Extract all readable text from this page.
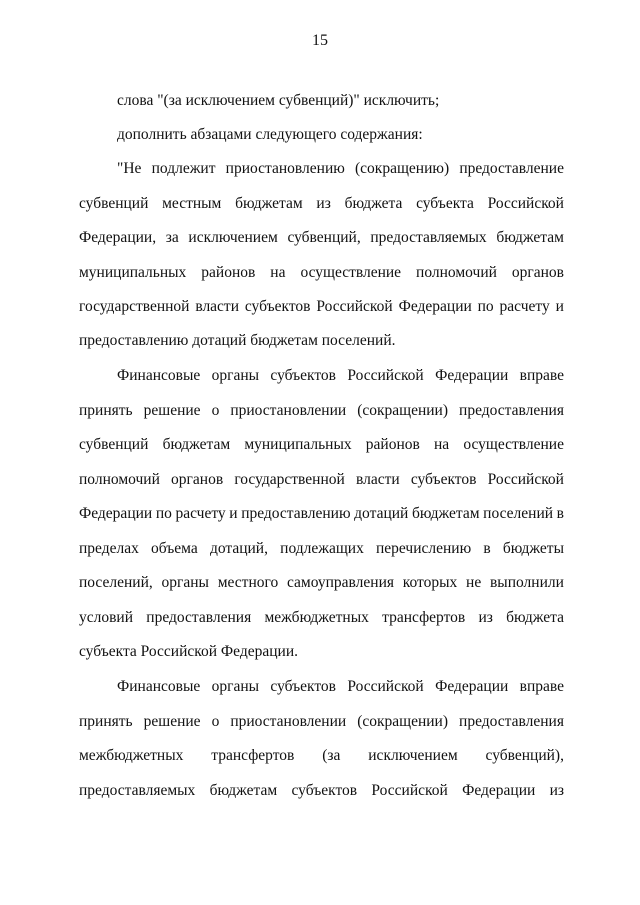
15
слова "(за исключением субвенций)" исключить;
дополнить абзацами следующего содержания:
"Не подлежит приостановлению (сокращению) предоставление
субвенций местным бюджетам из бюджета субъекта Российской
Федерации, за исключением субвенций, предоставляемых бюджетам
муниципальных районов на осуществление полномочий органов
государственной власти субъектов Российской Федерации по расчету и
предоставлению дотаций бюджетам поселений.
Финансовые органы субъектов Российской Федерации вправе
принять решение о приостановлении (сокращении) предоставления
субвенций бюджетам муниципальных районов на осуществление
полномочий органов государственной власти субъектов Российской
Федерации по расчету и предоставлению дотаций бюджетам поселений в
пределах объема дотаций, подлежащих перечислению в бюджеты
поселений, органы местного самоуправления которых не выполнили
условий предоставления межбюджетных трансфертов из бюджета
субъекта Российской Федерации.
Финансовые органы субъектов Российской Федерации вправе
принять решение о приостановлении (сокращении) предоставления
межбюджетных трансфертов (за исключением субвенций),
предоставляемых бюджетам субъектов Российской Федерации из
